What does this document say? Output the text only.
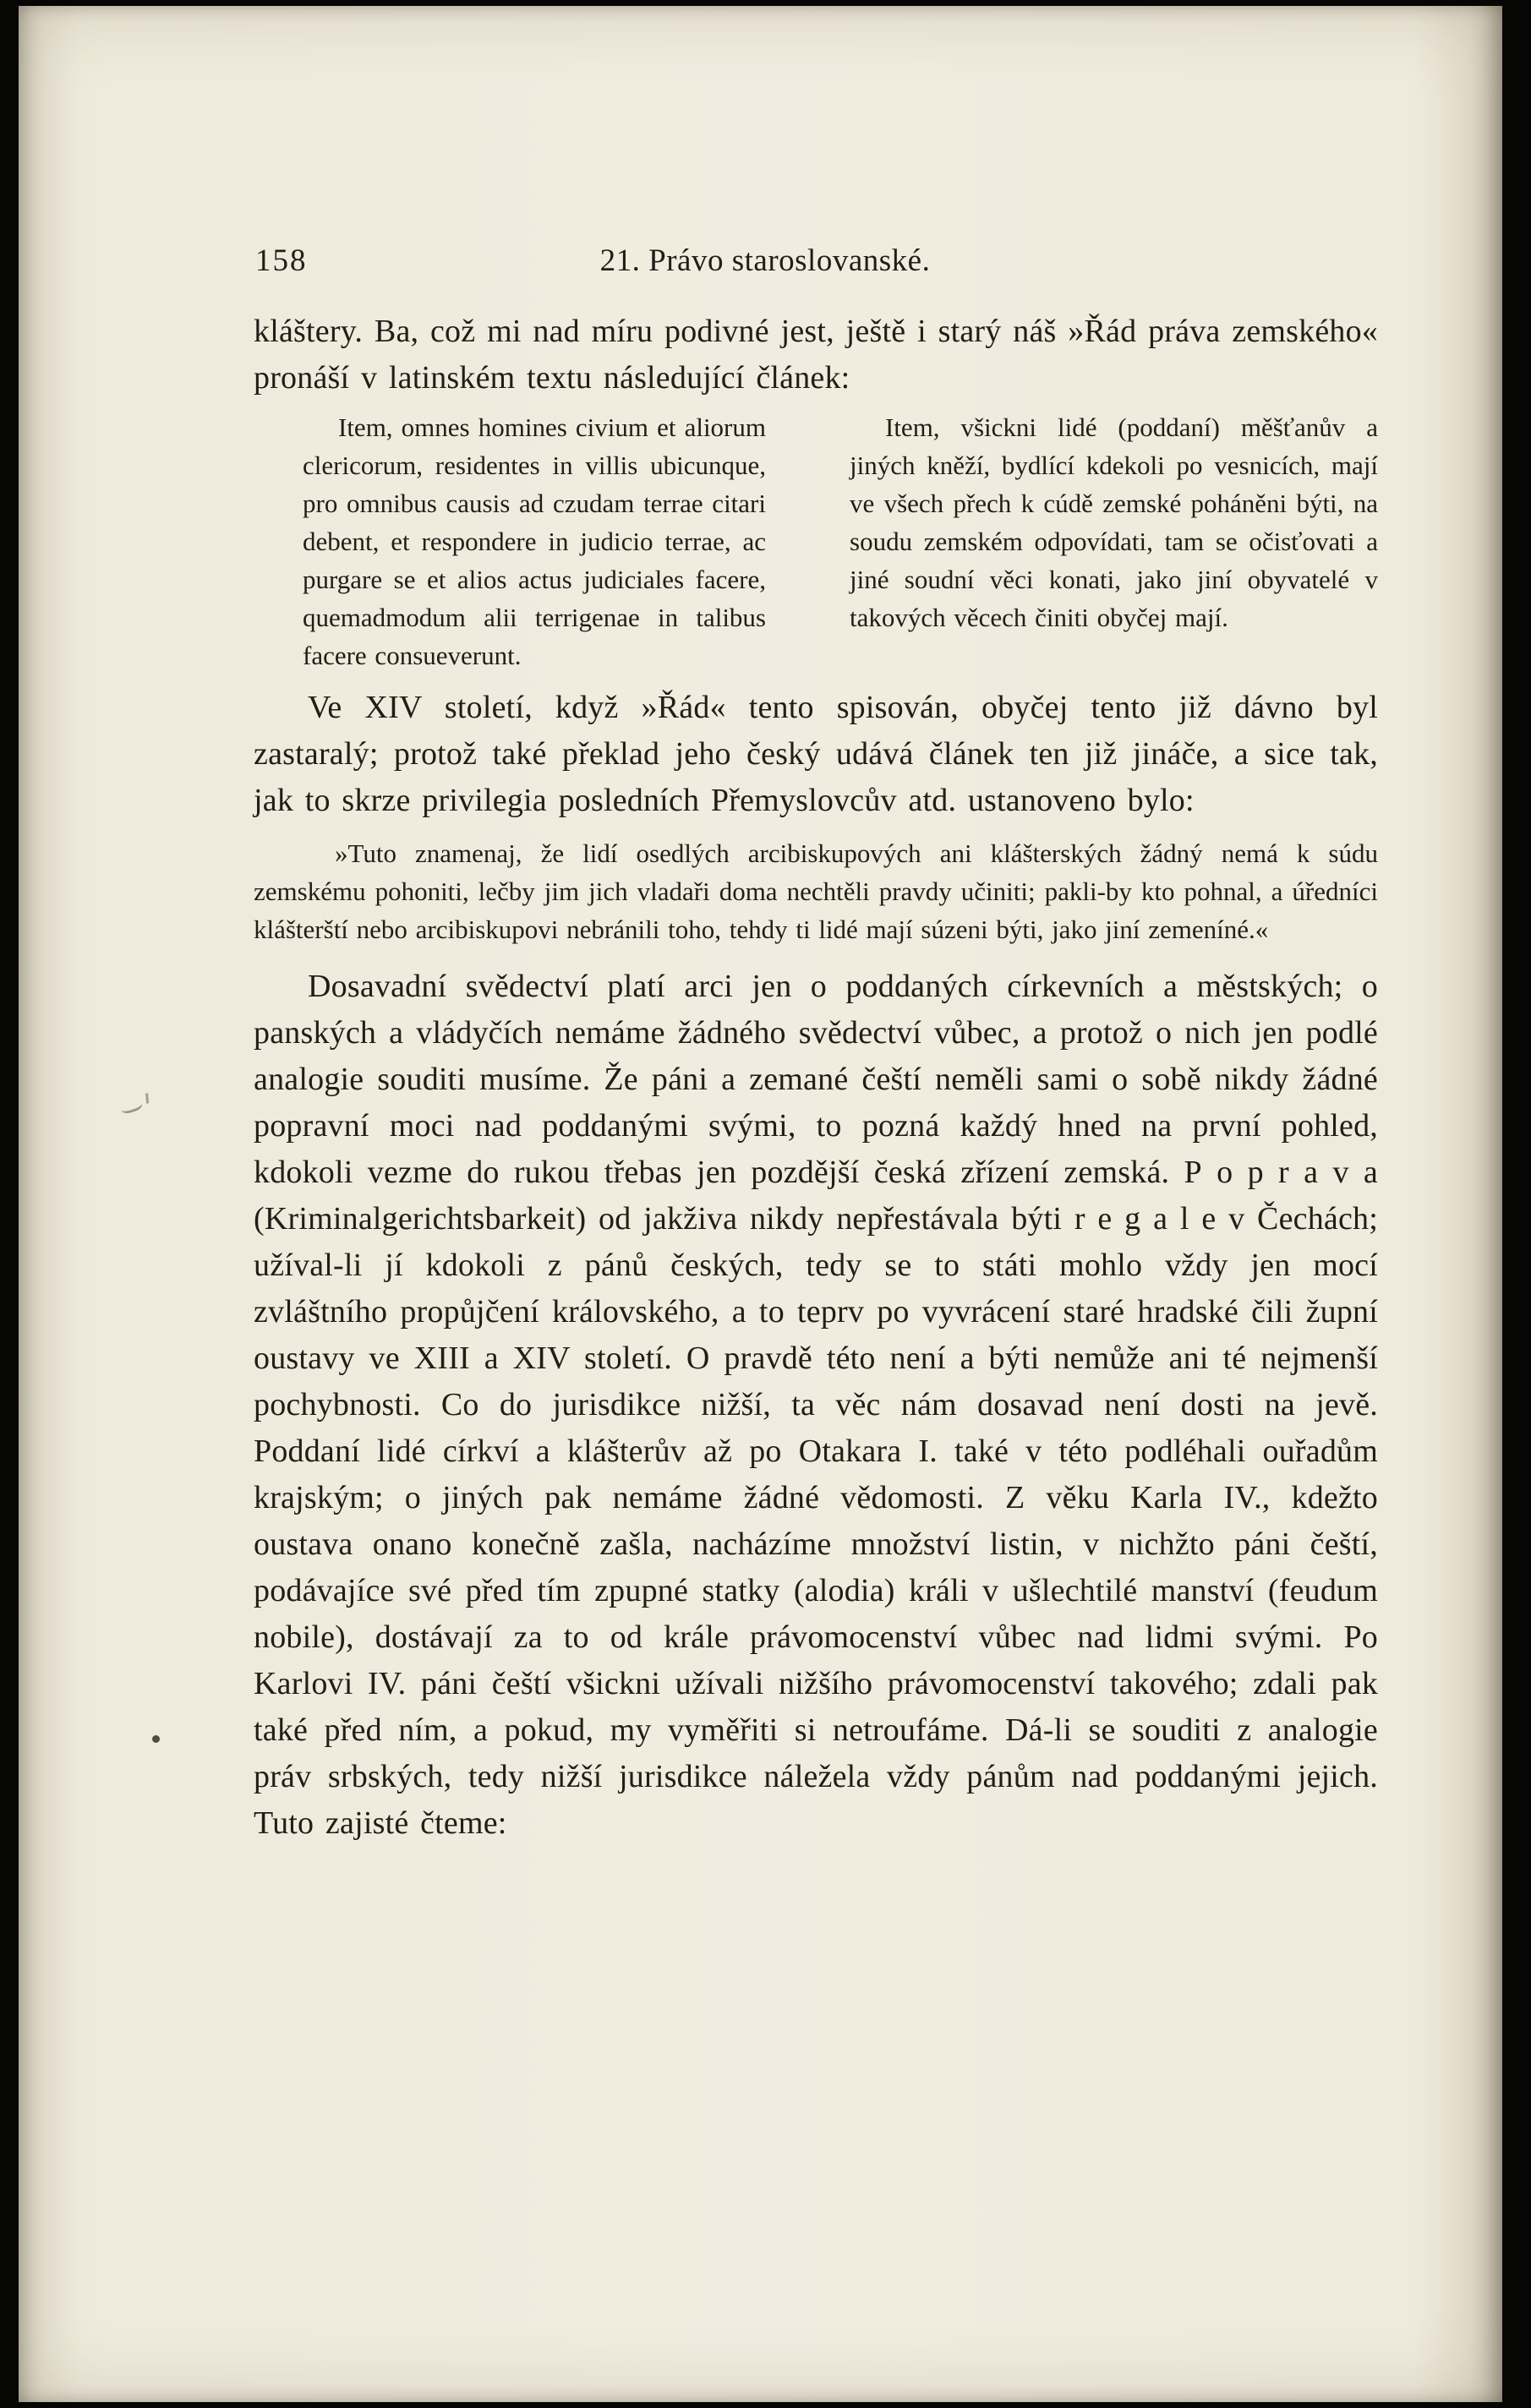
158	21. Právo staroslovanské.

kláštery. Ba, což mi nad míru podivné jest, ještě i starý náš »Řád práva zemského« pronáší v latinském textu následující článek:

Item, omnes homines civium et aliorum clericorum, residentes in villis ubicunque, pro omnibus causis ad czudam terrae citari debent, et respondere in judicio terrae, ac purgare se et alios actus judiciales facere, quemadmodum alii terrigenae in talibus facere consueverunt.

Item, všickni lidé (poddaní) měšťanův a jiných kněží, bydlící kdekoli po vesnicích, mají ve všech přech k cúdě zemské poháněni býti, na soudu zemském odpovídati, tam se očisťovati a jiné soudní věci konati, jako jiní obyvatelé v takových věcech činiti obyčej mají.

Ve XIV století, když »Řád« tento spisován, obyčej tento již dávno byl zastaralý; protož také překlad jeho český udává článek ten již jináče, a sice tak, jak to skrze privilegia posledních Přemyslovcův atd. ustanoveno bylo:

»Tuto znamenaj, že lidí osedlých arcibiskupových ani klášterských žádný nemá k súdu zemskému pohoniti, lečby jim jich vladaři doma nechtěli pravdy učiniti; pakli-by kto pohnal, a úředníci klášterští nebo arcibiskupovi nebránili toho, tehdy ti lidé mají súzeni býti, jako jiní zemeníné.«

Dosavadní svědectví platí arci jen o poddaných církevních a městských; o panských a vládyčích nemáme žádného svědectví vůbec, a protož o nich jen podlé analogie souditi musíme. Že páni a zemané čeští neměli sami o sobě nikdy žádné popravní moci nad poddanými svými, to pozná každý hned na první pohled, kdokoli vezme do rukou třebas jen pozdější česká zřízení zemská. P o p r a v a (Kriminalgerichtsbarkeit) od jakživa nikdy nepřestávala býti r e g a l e v Čechách; užíval-li jí kdokoli z pánů českých, tedy se to státi mohlo vždy jen mocí zvláštního propůjčení královského, a to teprv po vyvrácení staré hradské čili župní oustavy ve XIII a XIV století. O pravdě této není a býti nemůže ani té nejmenší pochybnosti. Co do jurisdikce nižší, ta věc nám dosavad není dosti na jevě. Poddaní lidé církví a klášterův až po Otakara I. také v této podléhali ouřadům krajským; o jiných pak nemáme žádné vědomosti. Z věku Karla IV., kdežto oustava onano konečně zašla, nacházíme množství listin, v nichžto páni čeští, podávajíce své před tím zpupné statky (alodia) králi v ušlechtilé manství (feudum nobile), dostávají za to od krále právomocenství vůbec nad lidmi svými. Po Karlovi IV. páni čeští všickni užívali nižšího právomocenství takového; zdali pak také před ním, a pokud, my vyměřiti si netroufáme. Dá-li se souditi z analogie práv srbských, tedy nižší jurisdikce náležela vždy pánům nad poddanými jejich. Tuto zajisté čteme:
